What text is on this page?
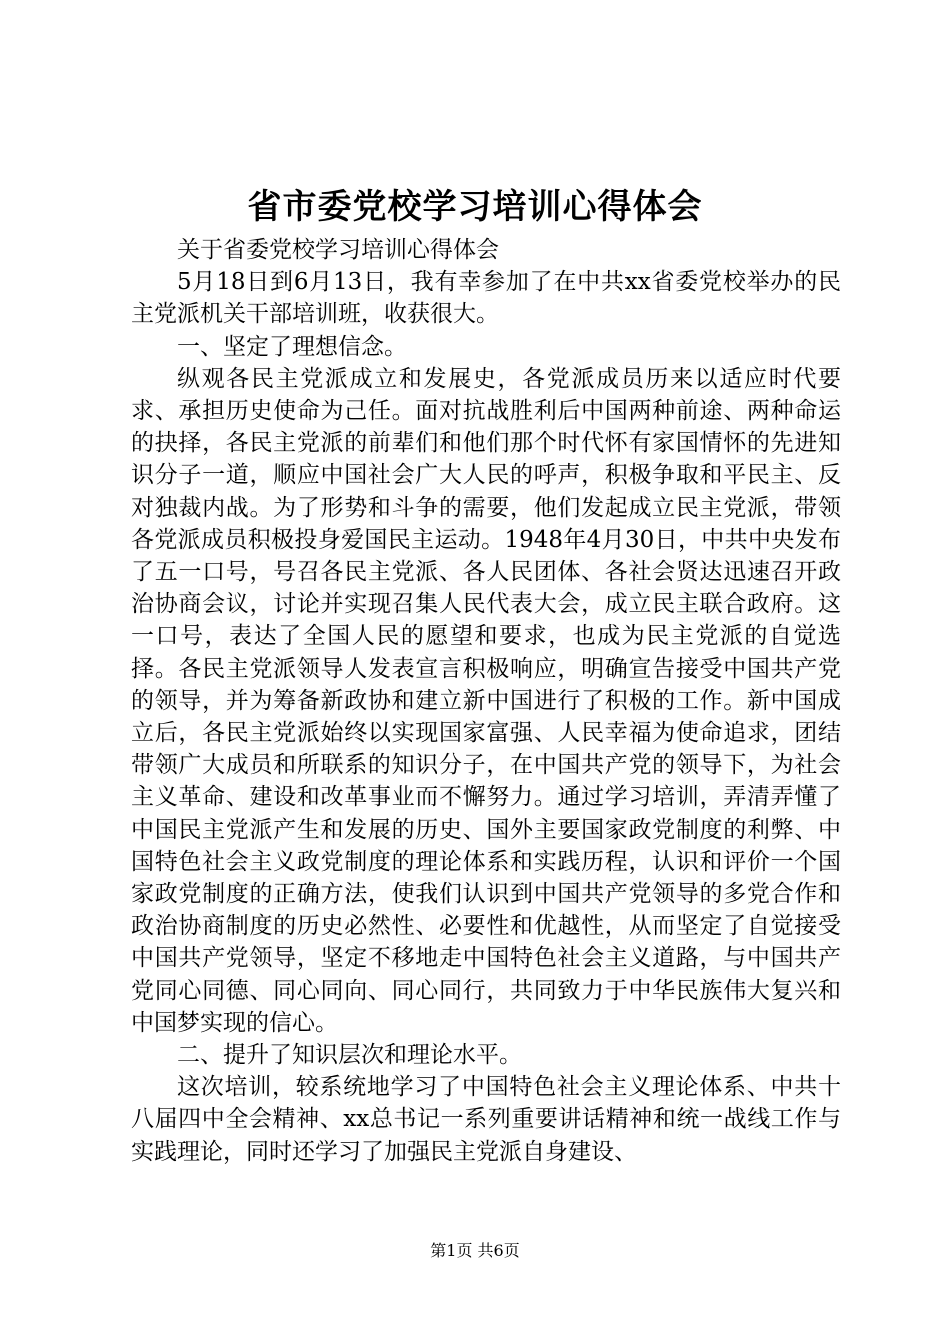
省市委党校学习培训心得体会

关于省委党校学习培训心得体会

5月18日到6月13日，我有幸参加了在中共xx省委党校举办的民主党派机关干部培训班，收获很大。

一、坚定了理想信念。

纵观各民主党派成立和发展史，各党派成员历来以适应时代要求、承担历史使命为己任。面对抗战胜利后中国两种前途、两种命运的抉择，各民主党派的前辈们和他们那个时代怀有家国情怀的先进知识分子一道，顺应中国社会广大人民的呼声，积极争取和平民主、反对独裁内战。为了形势和斗争的需要，他们发起成立民主党派，带领各党派成员积极投身爱国民主运动。1948年4月30日，中共中央发布了五一口号，号召各民主党派、各人民团体、各社会贤达迅速召开政治协商会议，讨论并实现召集人民代表大会，成立民主联合政府。这一口号，表达了全国人民的愿望和要求，也成为民主党派的自觉选择。各民主党派领导人发表宣言积极响应，明确宣告接受中国共产党的领导，并为筹备新政协和建立新中国进行了积极的工作。新中国成立后，各民主党派始终以实现国家富强、人民幸福为使命追求，团结带领广大成员和所联系的知识分子，在中国共产党的领导下，为社会主义革命、建设和改革事业而不懈努力。通过学习培训，弄清弄懂了中国民主党派产生和发展的历史、国外主要国家政党制度的利弊、中国特色社会主义政党制度的理论体系和实践历程，认识和评价一个国家政党制度的正确方法，使我们认识到中国共产党领导的多党合作和政治协商制度的历史必然性、必要性和优越性，从而坚定了自觉接受中国共产党领导，坚定不移地走中国特色社会主义道路，与中国共产党同心同德、同心同向、同心同行，共同致力于中华民族伟大复兴和中国梦实现的信心。

二、提升了知识层次和理论水平。

这次培训，较系统地学习了中国特色社会主义理论体系、中共十八届四中全会精神、xx总书记一系列重要讲话精神和统一战线工作与实践理论，同时还学习了加强民主党派自身建设、

第1页 共6页
